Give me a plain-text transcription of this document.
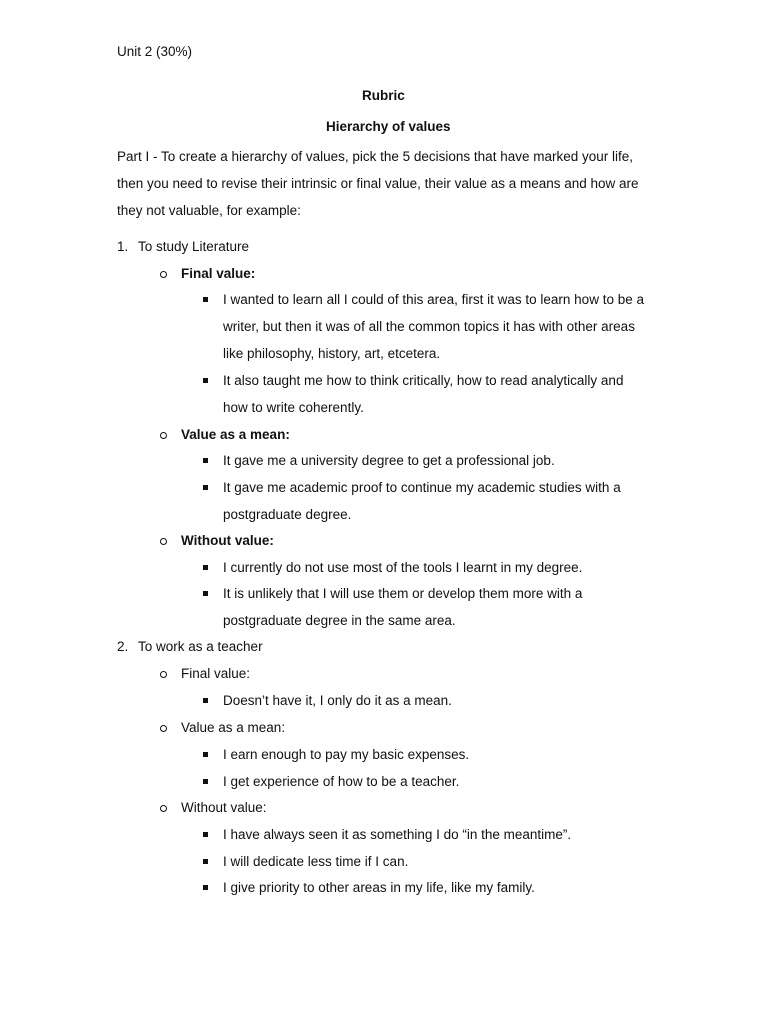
Unit 2 (30%)
Rubric
Hierarchy of values
Part I - To create a hierarchy of values, pick the 5 decisions that have marked your life,
then you need to revise their intrinsic or final value, their value as a means and how are
they not valuable, for example:
1. To study Literature
Final value:
I wanted to learn all I could of this area, first it was to learn how to be a
writer, but then it was of all the common topics it has with other areas
like philosophy, history, art, etcetera.
It also taught me how to think critically, how to read analytically and
how to write coherently.
Value as a mean:
It gave me a university degree to get a professional job.
It gave me academic proof to continue my academic studies with a
postgraduate degree.
Without value:
I currently do not use most of the tools I learnt in my degree.
It is unlikely that I will use them or develop them more with a
postgraduate degree in the same area.
2. To work as a teacher
Final value:
Doesn’t have it, I only do it as a mean.
Value as a mean:
I earn enough to pay my basic expenses.
I get experience of how to be a teacher.
Without value:
I have always seen it as something I do “in the meantime”.
I will dedicate less time if I can.
I give priority to other areas in my life, like my family.
